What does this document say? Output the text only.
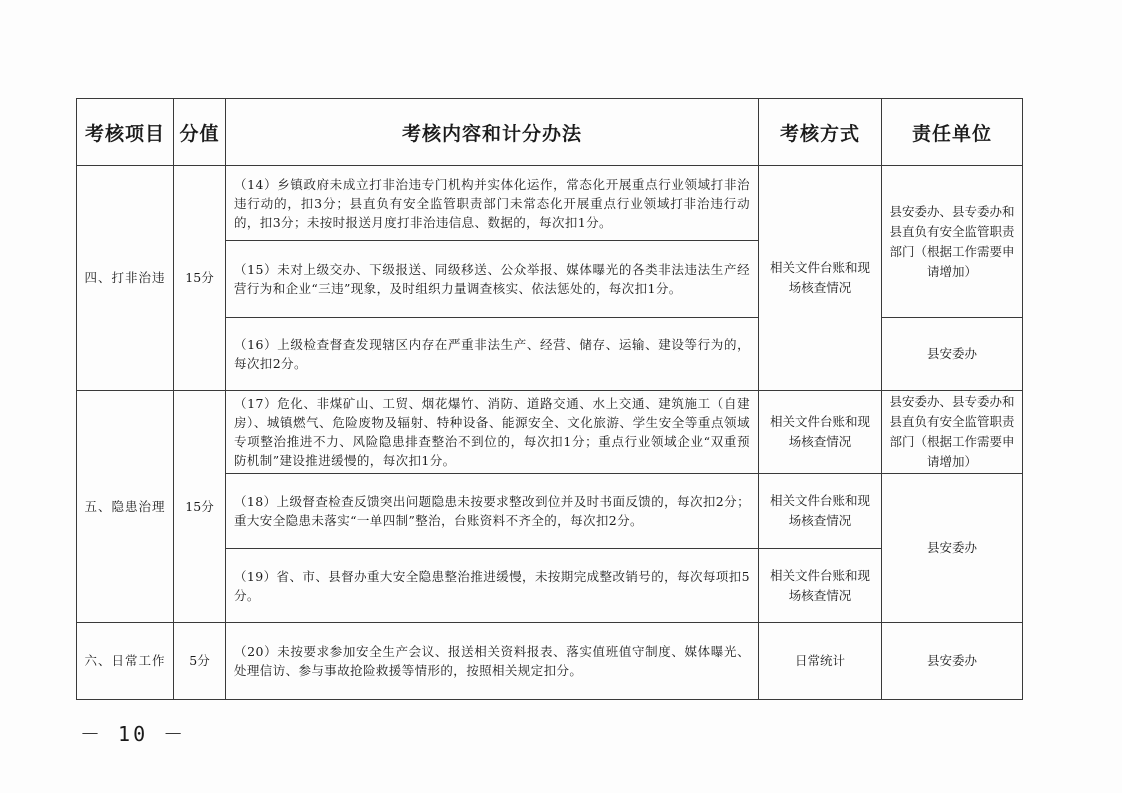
考核项目	分值	考核内容和计分办法	考核方式	责任单位
四、打非治违	15分	（14）乡镇政府未成立打非治违专门机构并实体化运作，常态化开展重点行业领域打非治违行动的，扣3分；县直负有安全监管职责部门未常态化开展重点行业领域打非治违行动的，扣3分；未按时报送月度打非治违信息、数据的，每次扣1分。	相关文件台账和现场核查情况	县安委办、县专委办和县直负有安全监管职责部门（根据工作需要申请增加）
		（15）未对上级交办、下级报送、同级移送、公众举报、媒体曝光的各类非法违法生产经营行为和企业“三违”现象，及时组织力量调查核实、依法惩处的，每次扣1分。		
		（16）上级检查督查发现辖区内存在严重非法生产、经营、储存、运输、建设等行为的，每次扣2分。		县安委办
五、隐患治理	15分	（17）危化、非煤矿山、工贸、烟花爆竹、消防、道路交通、水上交通、建筑施工（自建房）、城镇燃气、危险废物及辐射、特种设备、能源安全、文化旅游、学生安全等重点领域专项整治推进不力、风险隐患排查整治不到位的，每次扣1分；重点行业领域企业“双重预防机制”建设推进缓慢的，每次扣1分。	相关文件台账和现场核查情况	县安委办、县专委办和县直负有安全监管职责部门（根据工作需要申请增加）
		（18）上级督查检查反馈突出问题隐患未按要求整改到位并及时书面反馈的，每次扣2分；重大安全隐患未落实“一单四制”整治，台账资料不齐全的，每次扣2分。	相关文件台账和现场核查情况	县安委办
		（19）省、市、县督办重大安全隐患整治推进缓慢，未按期完成整改销号的，每次每项扣5分。	相关文件台账和现场核查情况	
六、日常工作	5分	（20）未按要求参加安全生产会议、报送相关资料报表、落实值班值守制度、媒体曝光、处理信访、参与事故抢险救援等情形的，按照相关规定扣分。	日常统计	县安委办
－ 10 －
